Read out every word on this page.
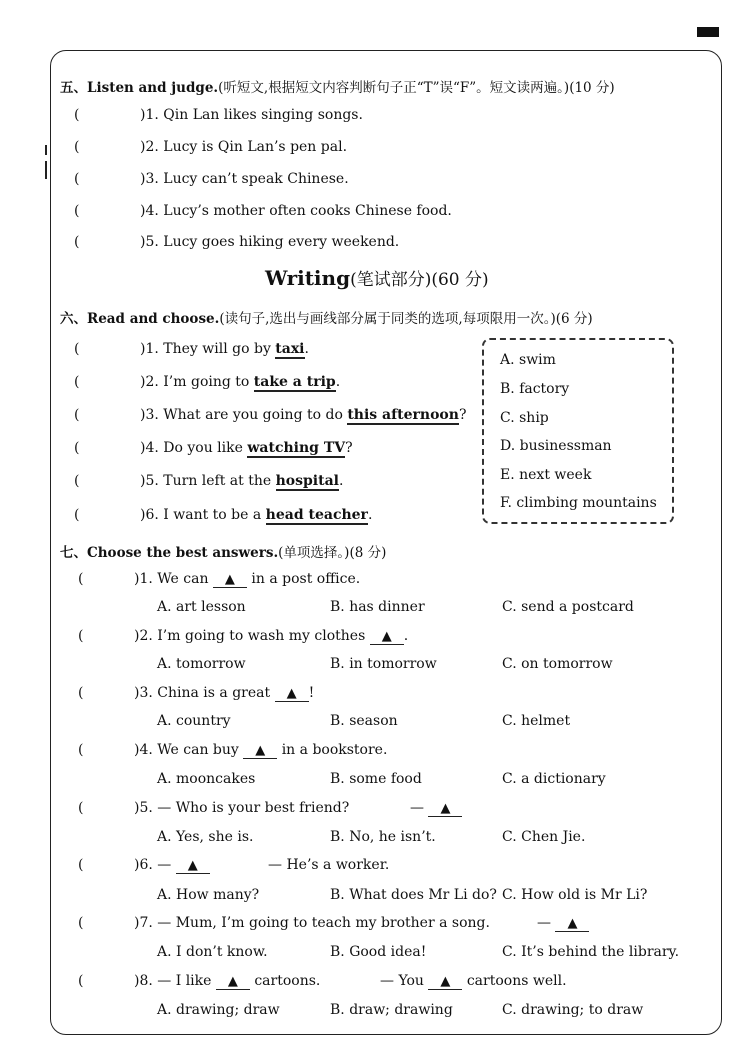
五、Listen and judge.(听短文,根据短文内容判断句子正“T”误“F”。短文读两遍。)(10 分)
(	)1. Qin Lan likes singing songs.
(	)2. Lucy is Qin Lan’s pen pal.
(	)3. Lucy can’t speak Chinese.
(	)4. Lucy’s mother often cooks Chinese food.
(	)5. Lucy goes hiking every weekend.
Writing(笔试部分)(60 分)
六、Read and choose.(读句子,选出与画线部分属于同类的选项,每项限用一次。)(6 分)
(	)1. They will go by taxi.
(	)2. I’m going to take a trip.
(	)3. What are you going to do this afternoon?
(	)4. Do you like watching TV?
(	)5. Turn left at the hospital.
(	)6. I want to be a head teacher.
A. swim
B. factory
C. ship
D. businessman
E. next week
F. climbing mountains
七、Choose the best answers.(单项选择。)(8 分)
(	)1. We can ▲ in a post office.
A. art lesson	B. has dinner	C. send a postcard
(	)2. I’m going to wash my clothes ▲ .
A. tomorrow	B. in tomorrow	C. on tomorrow
(	)3. China is a great ▲ !
A. country	B. season	C. helmet
(	)4. We can buy ▲ in a bookstore.
A. mooncakes	B. some food	C. a dictionary
(	)5. — Who is your best friend?	— ▲
A. Yes, she is.	B. No, he isn’t.	C. Chen Jie.
(	)6. — ▲	— He’s a worker.
A. How many?	B. What does Mr Li do? C. How old is Mr Li?
(	)7. — Mum, I’m going to teach my brother a song.	— ▲
A. I don’t know.	B. Good idea!	C. It’s behind the library.
(	)8. — I like ▲ cartoons.	— You ▲ cartoons well.
A. drawing; draw	B. draw; drawing	C. drawing; to draw
